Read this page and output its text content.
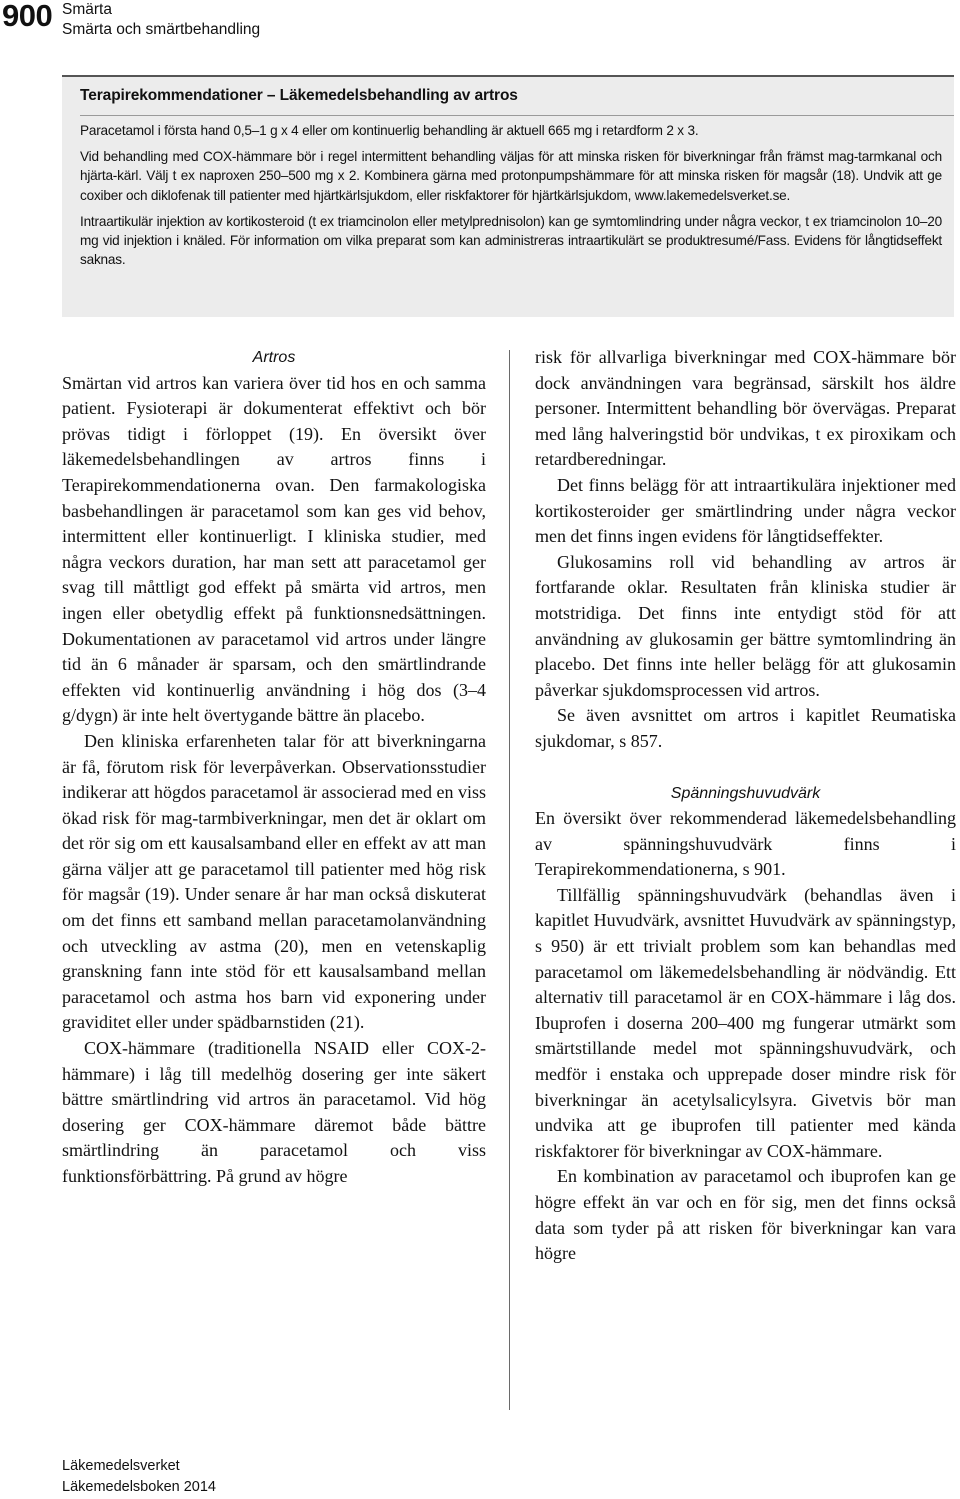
900 Smärta
Smärta och smärtbehandling
Terapirekommendationer – Läkemedelsbehandling av artros

Paracetamol i första hand 0,5–1 g x 4 eller om kontinuerlig behandling är aktuell 665 mg i retardform 2 x 3.

Vid behandling med COX-hämmare bör i regel intermittent behandling väljas för att minska risken för biverkningar från främst mag-tarmkanal och hjärta-kärl. Välj t ex naproxen 250–500 mg x 2. Kombinera gärna med protonpumpshämmare för att minska risken för magsår (18). Undvik att ge coxiber och diklofenak till patienter med hjärtkärlsjukdom, eller riskfaktorer för hjärtkärlsjukdom, www.lakemedelsverket.se.

Intraartikulär injektion av kortikosteroid (t ex triamcinolon eller metylprednisolon) kan ge symtomlindring under några veckor, t ex triamcinolon 10–20 mg vid injektion i knäled. För information om vilka preparat som kan administreras intraartikulärt se produktresumé/Fass. Evidens för långtidseffekt saknas.

Artros

Smärtan vid artros kan variera över tid hos en och samma patient. Fysioterapi är dokumenterat effektivt och bör prövas tidigt i förloppet (19). En översikt över läkemedelsbehandlingen av artros finns i Terapirekommendationerna ovan. Den farmakologiska basbehandlingen är paracetamol som kan ges vid behov, intermittent eller kontinuerligt. I kliniska studier, med några veckors duration, har man sett att paracetamol ger svag till måttligt god effekt på smärta vid artros, men ingen eller obetydlig effekt på funktionsnedsättningen. Dokumentationen av paracetamol vid artros under längre tid än 6 månader är sparsam, och den smärtlindrande effekten vid kontinuerlig användning i hög dos (3–4 g/dygn) är inte helt övertygande bättre än placebo.

Den kliniska erfarenheten talar för att biverkningarna är få, förutom risk för leverpåverkan. Observationsstudier indikerar att högdos paracetamol är associerad med en viss ökad risk för mag-tarmbiverkningar, men det är oklart om det rör sig om ett kausalsamband eller en effekt av att man gärna väljer att ge paracetamol till patienter med hög risk för magsår (19). Under senare år har man också diskuterat om det finns ett samband mellan paracetamolanvändning och utveckling av astma (20), men en vetenskaplig granskning fann inte stöd för ett kausalsamband mellan paracetamol och astma hos barn vid exponering under graviditet eller under spädbarnstiden (21).

COX-hämmare (traditionella NSAID eller COX-2-hämmare) i låg till medelhög dosering ger inte säkert bättre smärtlindring vid artros än paracetamol. Vid hög dosering ger COX-hämmare däremot både bättre smärtlindring än paracetamol och viss funktionsförbättring. På grund av högre

risk för allvarliga biverkningar med COX-hämmare bör dock användningen vara begränsad, särskilt hos äldre personer. Intermittent behandling bör övervägas. Preparat med lång halveringstid bör undvikas, t ex piroxikam och retardberedningar.

Det finns belägg för att intraartikulära injektioner med kortikosteroider ger smärtlindring under några veckor men det finns ingen evidens för långtidseffekter.

Glukosamins roll vid behandling av artros är fortfarande oklar. Resultaten från kliniska studier är motstridiga. Det finns inte entydigt stöd för att användning av glukosamin ger bättre symtomlindring än placebo. Det finns inte heller belägg för att glukosamin påverkar sjukdomsprocessen vid artros.

Se även avsnittet om artros i kapitlet Reumatiska sjukdomar, s 857.

Spänningshuvudvärk

En översikt över rekommenderad läkemedelsbehandling av spänningshuvudvärk finns i Terapirekommendationerna, s 901.

Tillfällig spänningshuvudvärk (behandlas även i kapitlet Huvudvärk, avsnittet Huvudvärk av spänningstyp, s 950) är ett trivialt problem som kan behandlas med paracetamol om läkemedelsbehandling är nödvändig. Ett alternativ till paracetamol är en COX-hämmare i låg dos. Ibuprofen i doserna 200–400 mg fungerar utmärkt som smärtstillande medel mot spänningshuvudvärk, och medför i enstaka och upprepade doser mindre risk för biverkningar än acetylsalicylsyra. Givetvis bör man undvika att ge ibuprofen till patienter med kända riskfaktorer för biverkningar av COX-hämmare.

En kombination av paracetamol och ibuprofen kan ge högre effekt än var och en för sig, men det finns också data som tyder på att risken för biverkningar kan vara högre

Läkemedelsverket
Läkemedelsboken 2014
